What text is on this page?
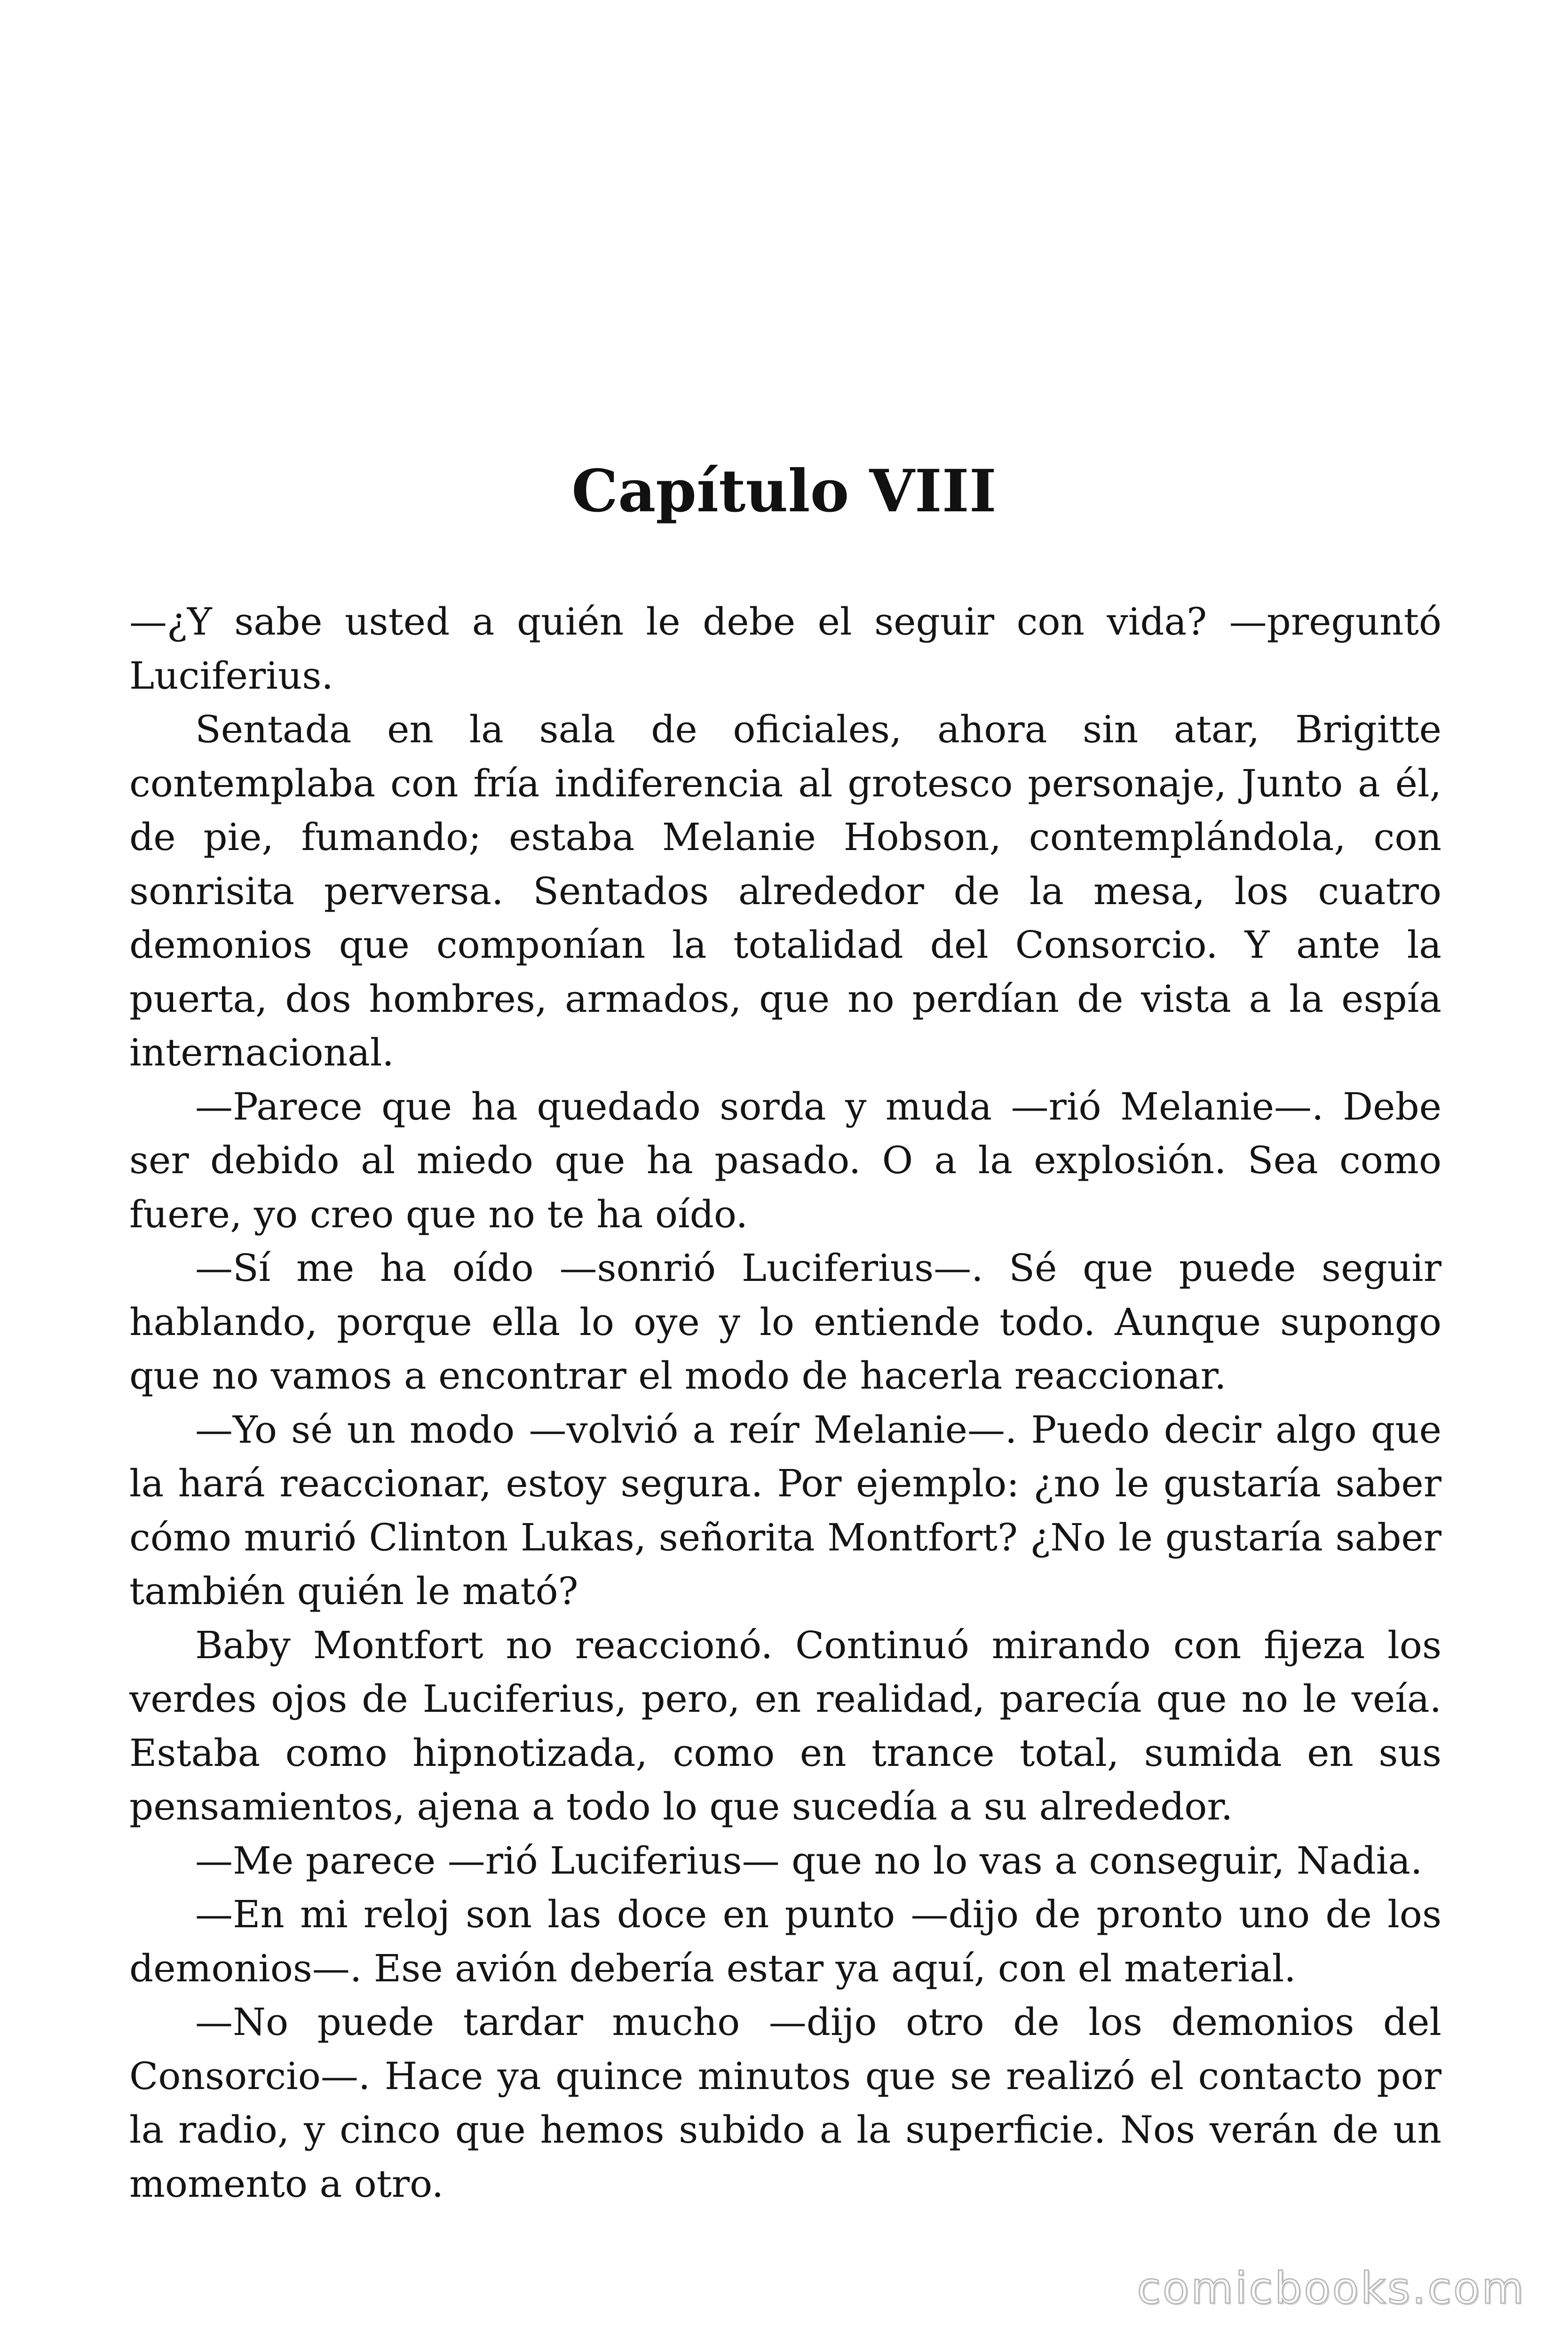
Capítulo VIII

—¿Y sabe usted a quién le debe el seguir con vida? —preguntó Luciferius.

Sentada en la sala de oficiales, ahora sin atar, Brigitte contemplaba con fría indiferencia al grotesco personaje, Junto a él, de pie, fumando; estaba Melanie Hobson, contemplándola, con sonrisita perversa. Sentados alrededor de la mesa, los cuatro demonios que componían la totalidad del Consorcio. Y ante la puerta, dos hombres, armados, que no perdían de vista a la espía internacional.

—Parece que ha quedado sorda y muda —rió Melanie—. Debe ser debido al miedo que ha pasado. O a la explosión. Sea como fuere, yo creo que no te ha oído.

—Sí me ha oído —sonrió Luciferius—. Sé que puede seguir hablando, porque ella lo oye y lo entiende todo. Aunque supongo que no vamos a encontrar el modo de hacerla reaccionar.

—Yo sé un modo —volvió a reír Melanie—. Puedo decir algo que la hará reaccionar, estoy segura. Por ejemplo: ¿no le gustaría saber cómo murió Clinton Lukas, señorita Montfort? ¿No le gustaría saber también quién le mató?

Baby Montfort no reaccionó. Continuó mirando con fijeza los verdes ojos de Luciferius, pero, en realidad, parecía que no le veía. Estaba como hipnotizada, como en trance total, sumida en sus pensamientos, ajena a todo lo que sucedía a su alrededor.

—Me parece —rió Luciferius— que no lo vas a conseguir, Nadia.

—En mi reloj son las doce en punto —dijo de pronto uno de los demonios—. Ese avión debería estar ya aquí, con el material.

—No puede tardar mucho —dijo otro de los demonios del Consorcio—. Hace ya quince minutos que se realizó el contacto por la radio, y cinco que hemos subido a la superficie. Nos verán de un momento a otro.

comicbooks.com
